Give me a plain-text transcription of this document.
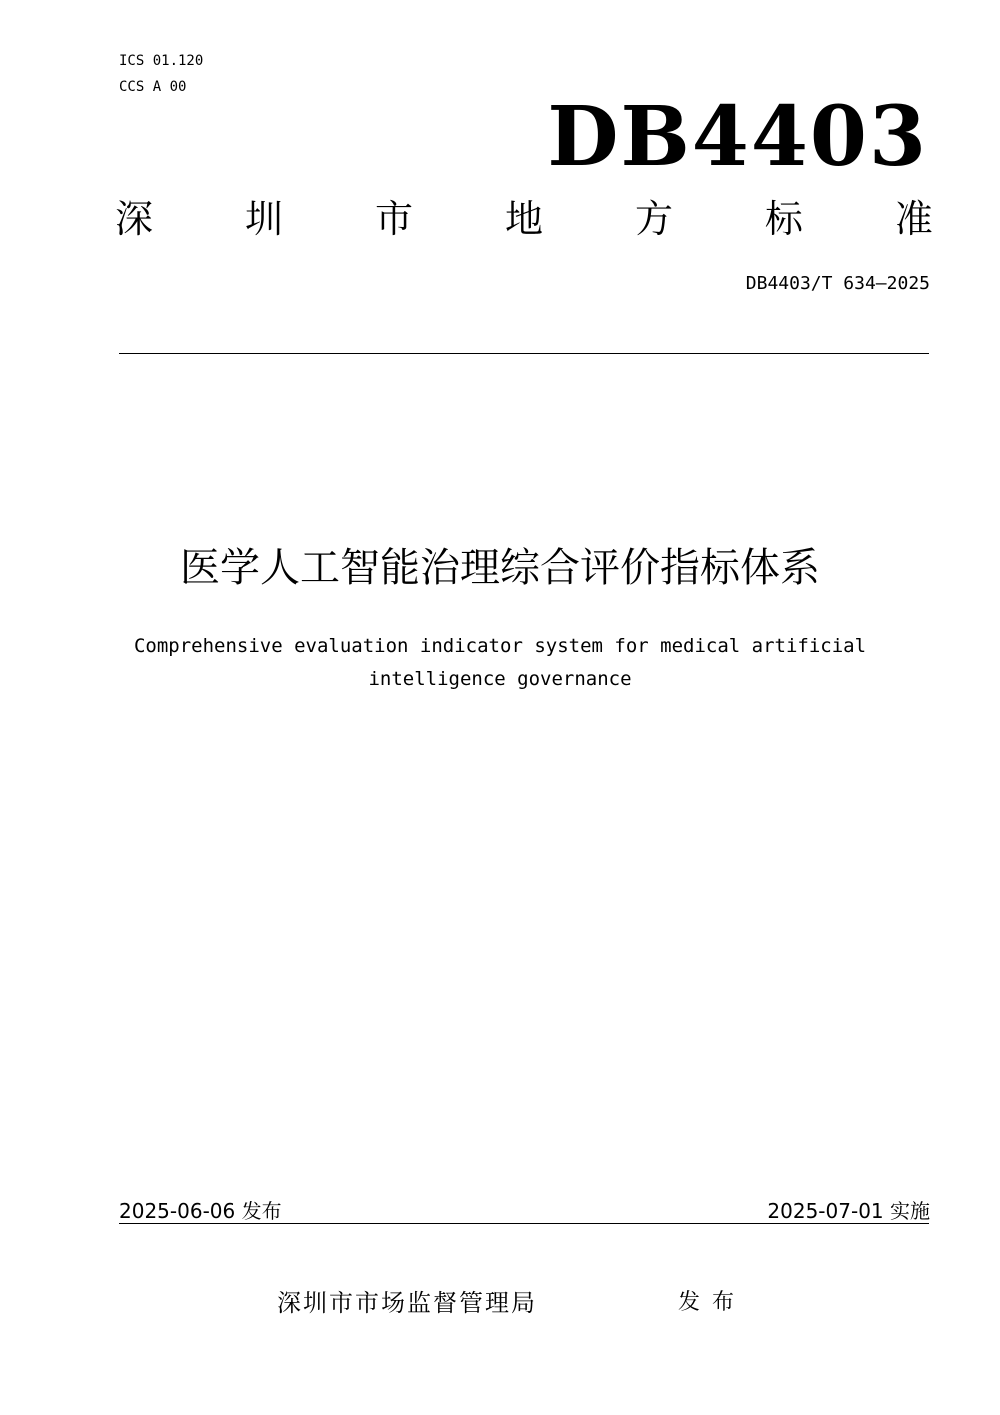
ICS 01.120
CCS A 00
DB4403
深 圳 市 地 方 标 准
DB4403/T 634—2025
医学人工智能治理综合评价指标体系
Comprehensive evaluation indicator system for medical artificial
intelligence governance
2025-06-06 发布	2025-07-01 实施
深圳市市场监督管理局	发布
